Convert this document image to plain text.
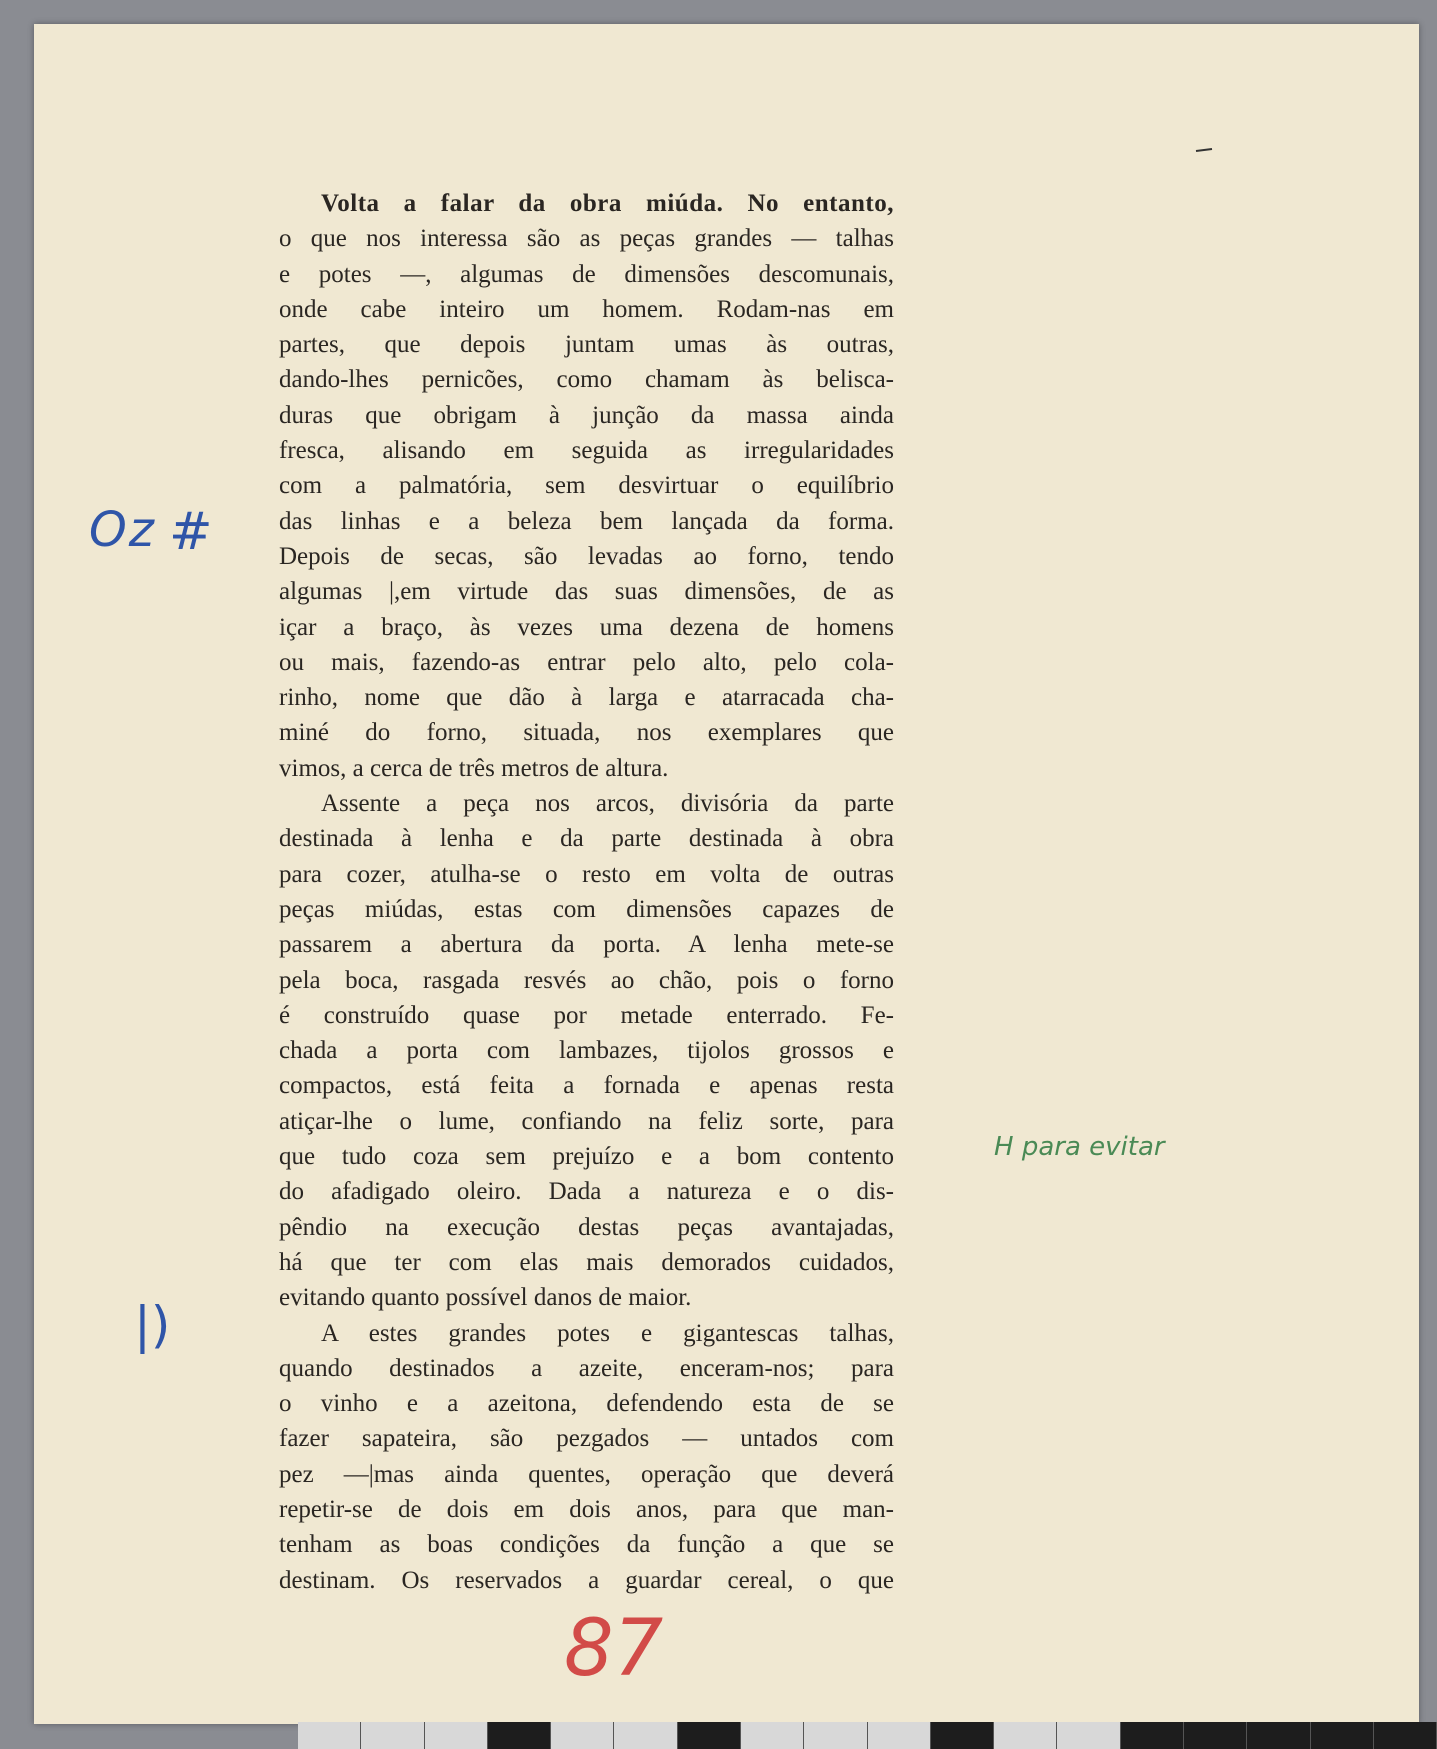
Volta a falar da obra miúda. No entanto,
o que nos interessa são as peças grandes — talhas
e potes —, algumas de dimensões descomunais,
onde cabe inteiro um homem. Rodam-nas em
partes, que depois juntam umas às outras,
dando-lhes pernicões, como chamam às belisca-
duras que obrigam à junção da massa ainda
fresca, alisando em seguida as irregularidades
com a palmatória, sem desvirtuar o equilíbrio
das linhas e a beleza bem lançada da forma.
Depois de secas, são levadas ao forno, tendo
algumas |,em virtude das suas dimensões, de as
içar a braço, às vezes uma dezena de homens
ou mais, fazendo-as entrar pelo alto, pelo cola-
rinho, nome que dão à larga e atarracada cha-
miné do forno, situada, nos exemplares que
vimos, a cerca de três metros de altura.
Assente a peça nos arcos, divisória da parte
destinada à lenha e da parte destinada à obra
para cozer, atulha-se o resto em volta de outras
peças miúdas, estas com dimensões capazes de
passarem a abertura da porta. A lenha mete-se
pela boca, rasgada resvés ao chão, pois o forno
é construído quase por metade enterrado. Fe-
chada a porta com lambazes, tijolos grossos e
compactos, está feita a fornada e apenas resta
atiçar-lhe o lume, confiando na feliz sorte, para
que tudo coza sem prejuízo e a bom contento
do afadigado oleiro. Dada a natureza e o dis-
pêndio na execução destas peças avantajadas,
há que ter com elas mais demorados cuidados,
evitando quanto possível danos de maior.
A estes grandes potes e gigantescas talhas,
quando destinados a azeite, enceram-nos; para
o vinho e a azeitona, defendendo esta de se
fazer sapateira, são pezgados — untados com
pez —|mas ainda quentes, operação que deverá
repetir-se de dois em dois anos, para que man-
tenham as boas condições da função a que se
destinam. Os reservados a guardar cereal, o que
Oz #
|)
H para evitar
87
